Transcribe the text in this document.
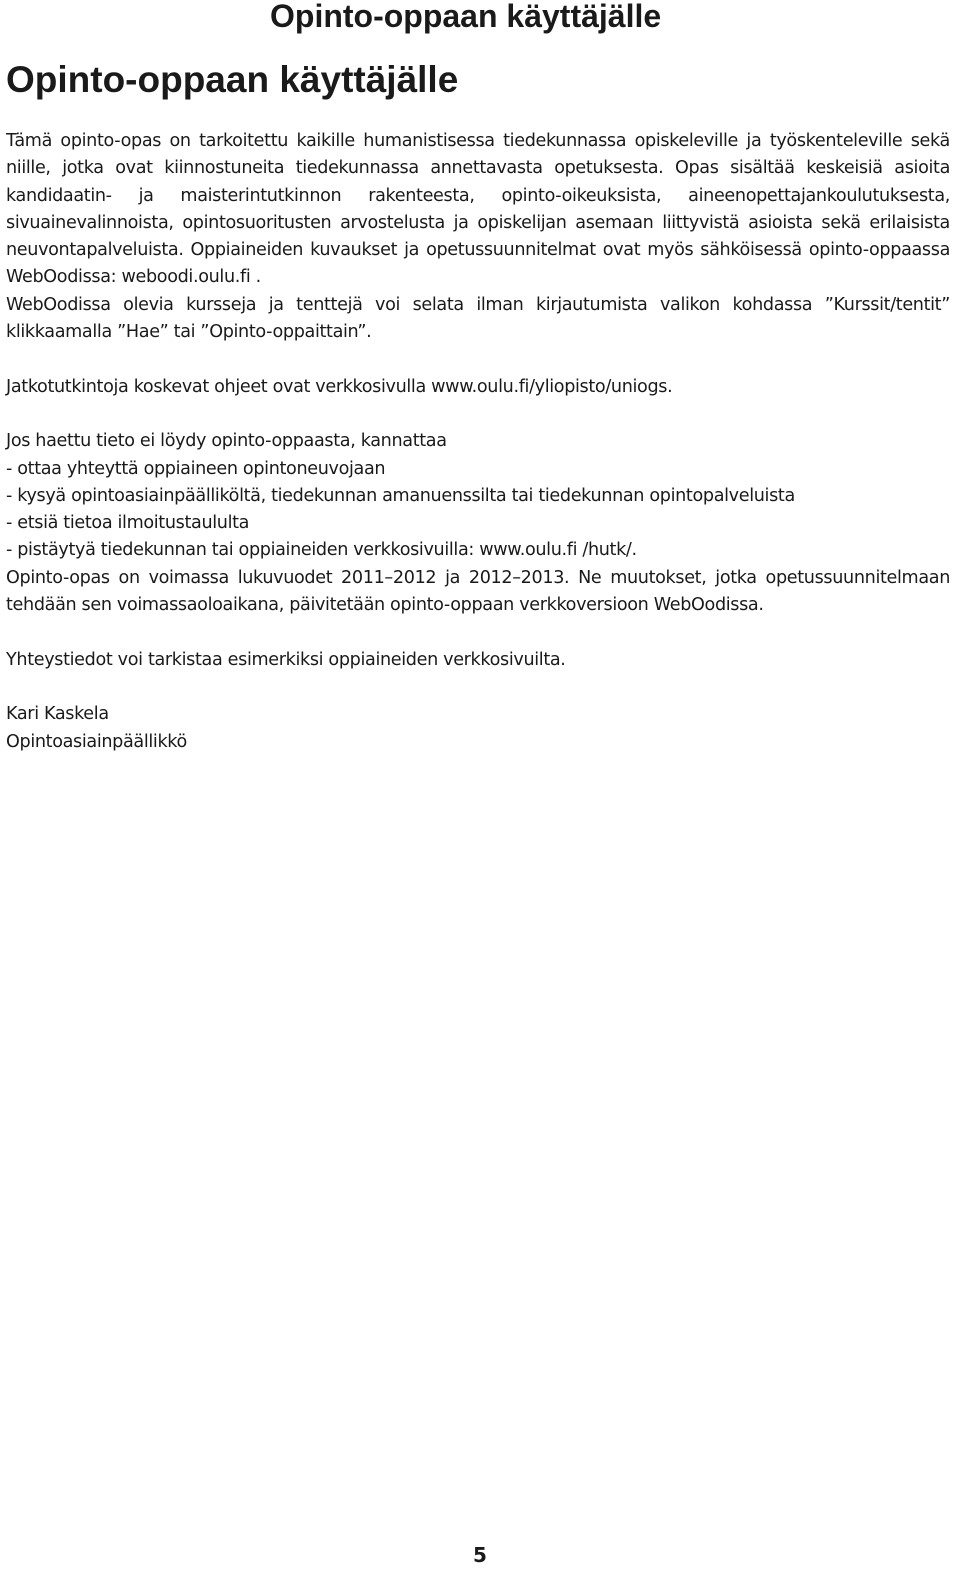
Opinto-oppaan käyttäjälle
Opinto-oppaan käyttäjälle

Tämä opinto-opas on tarkoitettu kaikille humanistisessa tiedekunnassa opiskeleville ja työskenteleville sekä niille, jotka ovat kiinnostuneita tiedekunnassa annettavasta opetuksesta. Opas sisältää keskeisiä asioita kandidaatin- ja maisterintutkinnon rakenteesta, opinto-oikeuksista, aineenopettajankoulutuksesta, sivuainevalinnoista, opintosuoritusten arvostelusta ja opiskelijan asemaan liittyvistä asioista sekä erilaisista neuvontapalveluista. Oppiaineiden kuvaukset ja opetussuunnitelmat ovat myös sähköisessä opinto-oppaassa WebOodissa: weboodi.oulu.fi .

WebOodissa olevia kursseja ja tenttejä voi selata ilman kirjautumista valikon kohdassa ”Kurssit/tentit” klikkaamalla ”Hae” tai ”Opinto-oppaittain”.

Jatkotutkintoja koskevat ohjeet ovat verkkosivulla www.oulu.fi/yliopisto/uniogs.

Jos haettu tieto ei löydy opinto-oppaasta, kannattaa

- ottaa yhteyttä oppiaineen opintoneuvojaan
- kysyä opintoasiainpäälliköltä, tiedekunnan amanuenssilta tai tiedekunnan opintopalveluista
- etsiä tietoa ilmoitustaululta
- pistäytyä tiedekunnan tai oppiaineiden verkkosivuilla: www.oulu.fi /hutk/.

Opinto-opas on voimassa lukuvuodet 2011–2012 ja 2012–2013. Ne muutokset, jotka opetussuunnitelmaan tehdään sen voimassaoloaikana, päivitetään opinto-oppaan verkkoversioon WebOodissa.

Yhteystiedot voi tarkistaa esimerkiksi oppiaineiden verkkosivuilta.

Kari Kaskela

Opintoasiainpäällikkö

5
